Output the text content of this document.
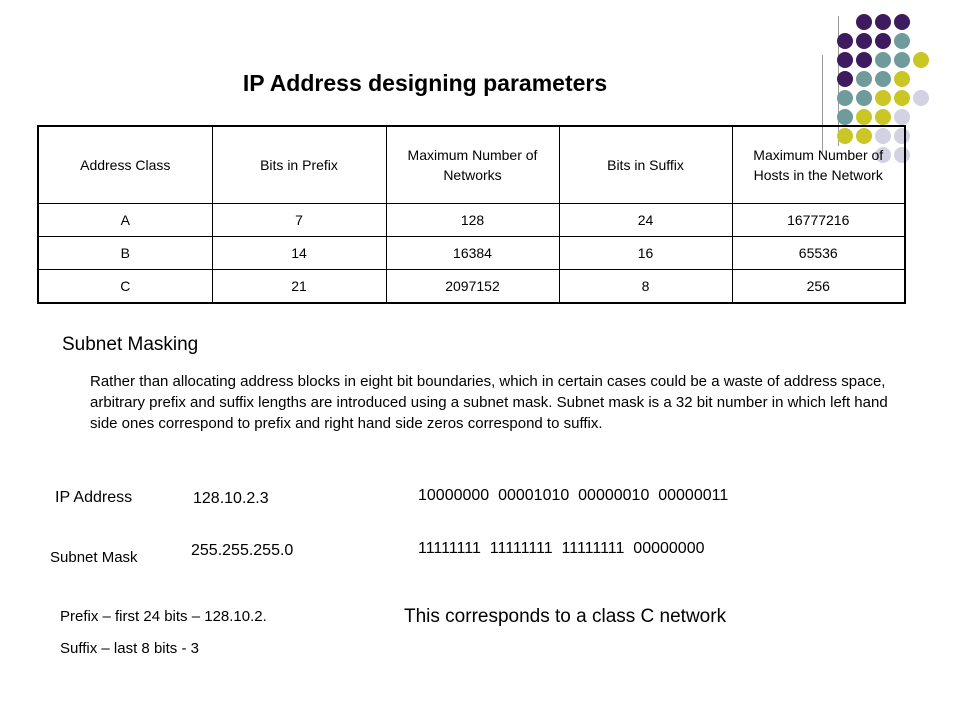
IP Address designing parameters
Address Class	Bits in Prefix	Maximum Number of Networks	Bits in Suffix	Maximum Number of Hosts in the Network
A	7	128	24	16777216
B	14	16384	16	65536
C	21	2097152	8	256
Subnet Masking
Rather than allocating address blocks in eight bit boundaries, which in certain cases could be a waste of address space, arbitrary prefix and suffix lengths are introduced using a subnet mask. Subnet mask is a 32 bit number in which left hand side ones correspond to prefix and right hand side zeros correspond to suffix.
IP Address	128.10.2.3	10000000  00001010  00000010  00000011
Subnet Mask	255.255.255.0	11111111  11111111  11111111  00000000
Prefix – first 24 bits – 128.10.2.
Suffix – last 8 bits - 3
This corresponds to a class C network
